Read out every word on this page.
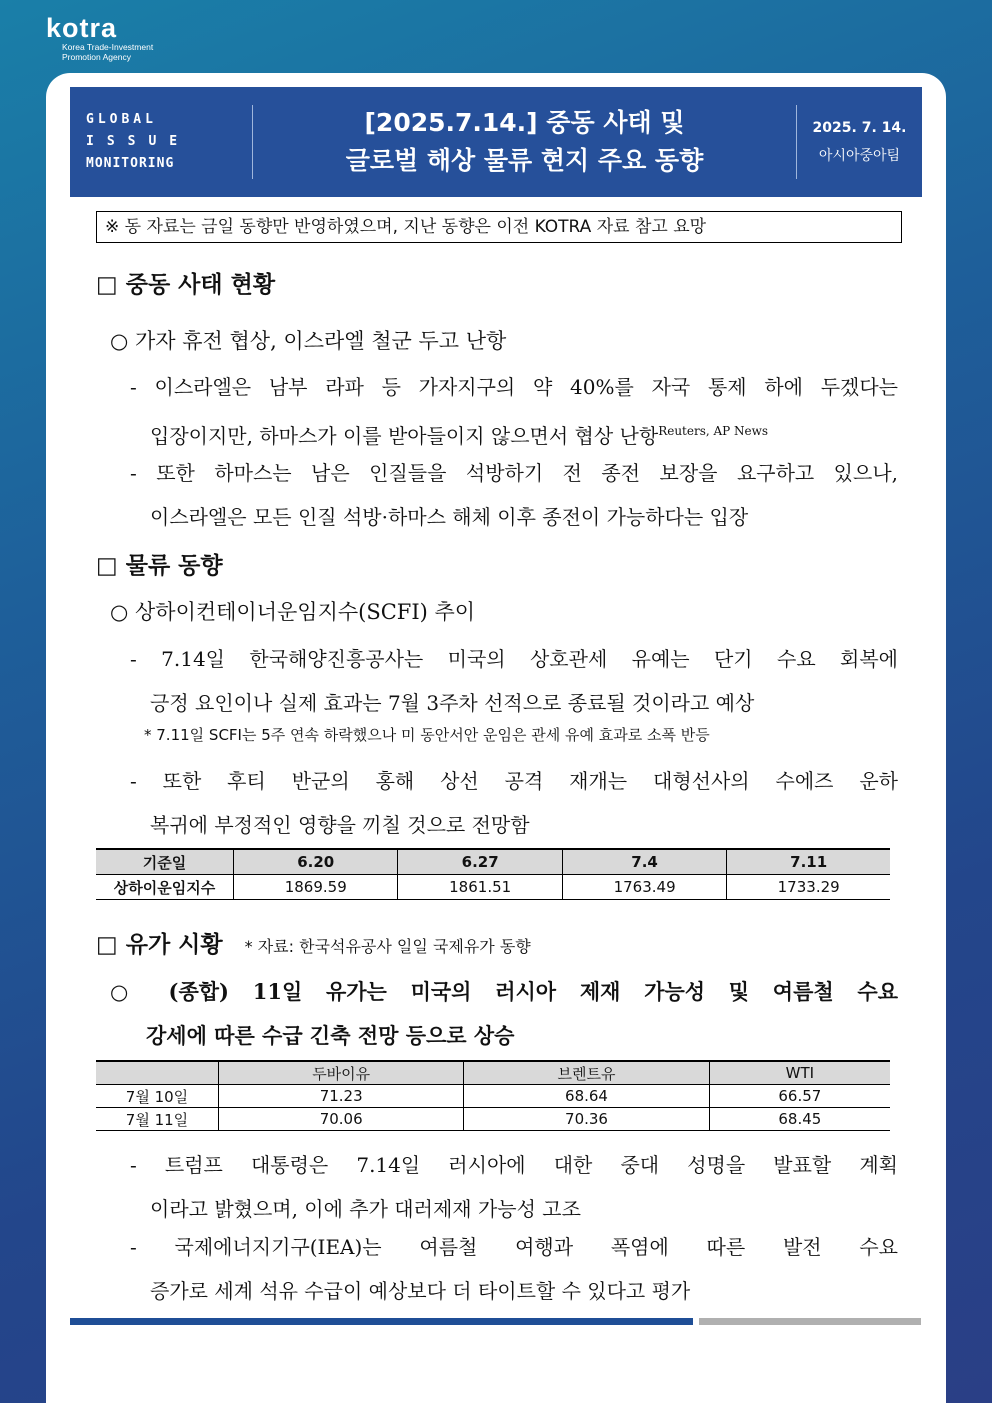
kotra
Korea Trade-Investment
Promotion Agency
GLOBAL
ISSUE
MONITORING
[2025.7.14.] 중동 사태 및
글로벌 해상 물류 현지 주요 동향
2025. 7. 14.
아시아중아팀
※ 동 자료는 금일 동향만 반영하였으며, 지난 동향은 이전 KOTRA 자료 참고 요망
□ 중동 사태 현황
○ 가자 휴전 협상, 이스라엘 철군 두고 난항
- 이스라엘은 남부 라파 등 가자지구의 약 40%를 자국 통제 하에 두겠다는
입장이지만, 하마스가 이를 받아들이지 않으면서 협상 난항$^{Reuters, AP News}$
- 또한 하마스는 남은 인질들을 석방하기 전 종전 보장을 요구하고 있으나,
이스라엘은 모든 인질 석방·하마스 해체 이후 종전이 가능하다는 입장
□ 물류 동향
○ 상하이컨테이너운임지수(SCFI) 추이
- 7.14일 한국해양진흥공사는 미국의 상호관세 유예는 단기 수요 회복에
긍정 요인이나 실제 효과는 7월 3주차 선적으로 종료될 것이라고 예상
* 7.11일 SCFI는 5주 연속 하락했으나 미 동안서안 운임은 관세 유예 효과로 소폭 반등
- 또한 후티 반군의 홍해 상선 공격 재개는 대형선사의 수에즈 운하
복귀에 부정적인 영향을 끼칠 것으로 전망함
기준일	6.20	6.27	7.4	7.11
상하이운임지수	1869.59	1861.51	1763.49	1733.29
□ 유가 시황 * 자료: 한국석유공사 일일 국제유가 동향
○ (종합) 11일 유가는 미국의 러시아 제재 가능성 및 여름철 수요
강세에 따른 수급 긴축 전망 등으로 상승
	두바이유	브렌트유	WTI
7월 10일	71.23	68.64	66.57
7월 11일	70.06	70.36	68.45
- 트럼프 대통령은 7.14일 러시아에 대한 중대 성명을 발표할 계획
이라고 밝혔으며, 이에 추가 대러제재 가능성 고조
- 국제에너지기구(IEA)는 여름철 여행과 폭염에 따른 발전 수요
증가로 세계 석유 수급이 예상보다 더 타이트할 수 있다고 평가
